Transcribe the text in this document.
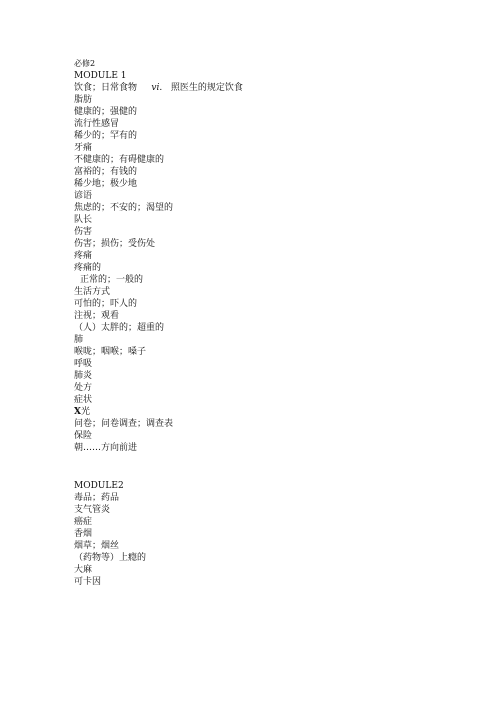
必修2
MODULE 1
饮食；日常食物 vi. 照医生的规定饮食
脂肪
健康的；强健的
流行性感冒
稀少的；罕有的
牙痛
不健康的；有碍健康的
富裕的；有钱的
稀少地；极少地
谚语
焦虑的；不安的；渴望的
队长
伤害
伤害；损伤；受伤处
疼痛
疼痛的
正常的；一般的
生活方式
可怕的；吓人的
注视；观看
（人）太胖的；超重的
肺
喉咙；咽喉；嗓子
呼吸
肺炎
处方
症状
X光
问卷；问卷调查；调查表
保险
朝……方向前进
MODULE2
毒品；药品
支气管炎
癌症
香烟
烟草；烟丝
（药物等）上瘾的
大麻
可卡因
